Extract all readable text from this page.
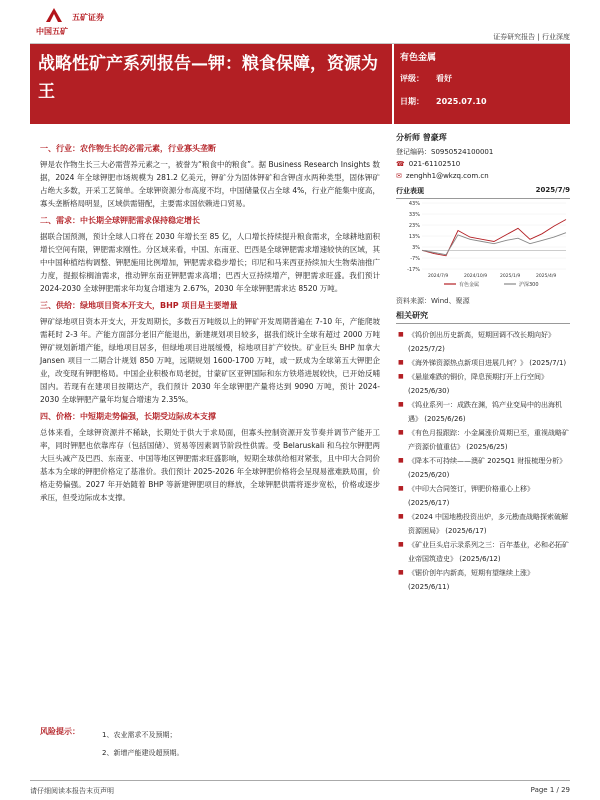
中国五矿
五矿证券
证券研究报告 | 行业深度
战略性矿产系列报告—钾：粮食保障，资源为王
有色金属
评级： 看好
日期： 2025.07.10
一、行业：农作物生长的必需元素，行业寡头垄断
钾是农作物生长三大必需营养元素之一，被誉为“粮食中的粮食”。据 Business Research Insights 数据，2024 年全球钾肥市场规模为 281.2 亿美元，钾矿分为固体钾矿和含钾卤水两种类型，固体钾矿占绝大多数，开采工艺简单。全球钾资源分布高度不均，中国储量仅占全球 4%，行业产能集中度高，寡头垄断格局明显，区域供需错配，主要需求国依赖进口贸易。
二、需求：中长期全球钾肥需求保持稳定增长
据联合国预测，预计全球人口将在 2030 年增长至 85 亿，人口增长持续提升粮食需求，全球耕地面积增长空间有限，钾肥需求刚性。分区域来看，中国、东南亚、巴西是全球钾肥需求增速较快的区域，其中中国种植结构调整、钾肥施用比例增加，钾肥需求稳步增长；印尼和马来西亚持续加大生物柴油推广力度，提振棕榈油需求，推动钾东南亚钾肥需求高增；巴西大豆持续增产，钾肥需求旺盛。我们预计 2024-2030 全球钾肥需求年均复合增速为 2.67%，2030 年全球钾肥需求达 8520 万吨。
三、供给：绿地项目资本开支大，BHP 项目是主要增量
钾矿绿地项目资本开支大，开发周期长，多数百万吨级以上的钾矿开发周期普遍在 7-10 年，产能爬坡需耗时 2-3 年。产能方面部分老旧产能退出，新建规划项目较多，据我们统计全球有超过 2000 万吨钾矿规划新增产能，绿地项目居多，但绿地项目进展缓慢，棕地项目扩产较快。矿业巨头 BHP 加拿大 Jansen 项目一二期合计规划 850 万吨，远期规划 1600-1700 万吨，或一跃成为全球第五大钾肥企业，改变现有钾肥格局。中国企业积极布局老挝，甘蒙矿区亚钾国际和东方铁塔进展较快，已开始反哺国内。若现有在建项目按期达产，我们预计 2030 年全球钾肥产量将达到 9090 万吨，预计 2024-2030 全球钾肥产量年均复合增速为 2.35%。
四、价格：中短期走势偏强，长期受边际成本支撑
总体来看，全球钾资源并不稀缺，长期处于供大于求局面，但寡头控制资源开发节奏并调节产能开工率，同时钾肥也依靠库存（包括国储）、贸易等因素调节阶段性供需。受 Belaruskali 和乌拉尔钾肥两大巨头减产及巴西、东南亚、中国等地区钾肥需求旺盛影响，短期全球供给相对紧张，且中印大合同价基本为全球的钾肥价格定了基准价。我们预计 2025-2026 年全球钾肥价格将会呈现易涨难跌局面，价格走势偏强。2027 年开始随着 BHP 等新建钾肥项目的释放，全球钾肥供需将逐步宽松，价格或逐步承压，但受边际成本支撑。
分析师 曾豪珲
登记编码：S0950524100001
☎ 021-61102510
✉ zenghh1@wkzq.com.cn
行业表现	2025/7/9
43%
33%
23%
13%
3%
-7%
-17%
2024/7/9	2024/10/9	2025/1/9	2025/4/9
有色金属	沪深300
资料来源：Wind、聚源
相关研究
■ 《钨价创出历史新高，短期回调不改长期向好》 (2025/7/2)
■ 《海外锑资源热点新项目进展几何？》 (2025/7/1)
■ 《悬崖难跌的铜价，降息预期打开上行空间》 (2025/6/30)
■ 《钨业系列一：成跌在渊，钨产业变局中的出海机遇》 (2025/6/26)
■ 《有色月报跟踪：小金属涨价周期已至，重视战略矿产资源价值重估》 (2025/6/25)
■ 《降本不可持续——澳矿 2025Q1 财报梳理分析》 (2025/6/20)
■ 《中印大合同签订，钾肥价格重心上移》 (2025/6/17)
■ 《2024 中国地勘投资出炉，多元勘查战略探索破解资源困局》 (2025/6/17)
■ 《矿业巨头启示录系列之三：百年基业，必和必拓矿业帝国筑造史》 (2025/6/12)
■ 《锯价创年内新高，短期有望继续上涨》 (2025/6/11)
风险提示：	1、农业需求不及预期；
2、新增产能建设超预期。
请仔细阅读本报告末页声明	Page 1 / 29
